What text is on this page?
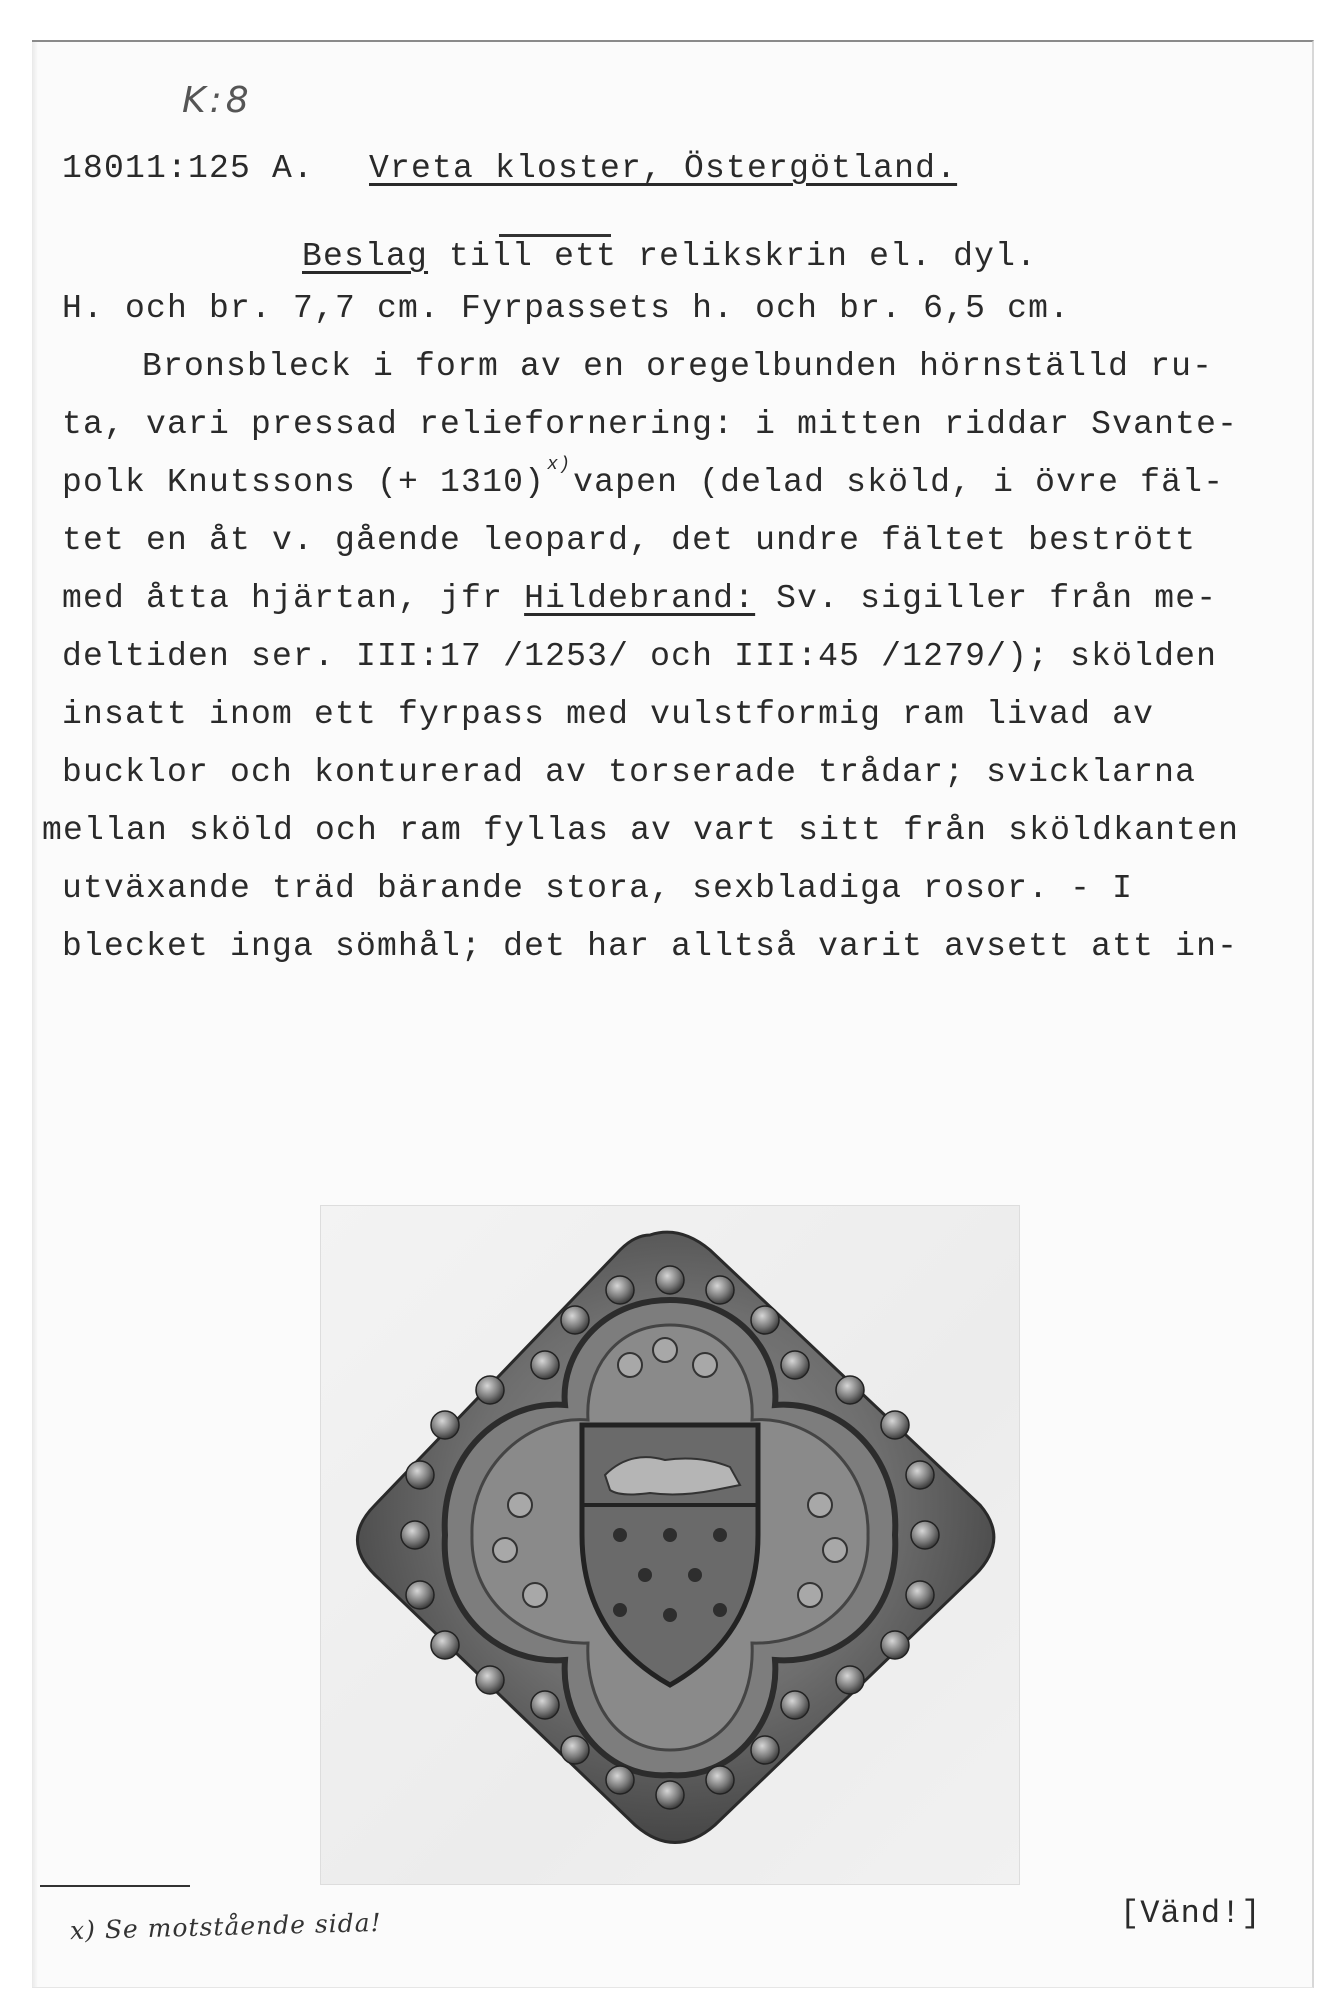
K:8
18011:125 A. Vreta kloster, Östergötland.
Beslag till ett relikskrin el. dyl.
H. och br. 7,7 cm. Fyrpassets h. och br. 6,5 cm.
Bronsbleck i form av en oregelbunden hörnställd ru-
ta, vari pressad reliefornering: i mitten riddar Svante-
polk Knutssons (+ 1310) $^{x)}$vapen (delad sköld, i övre fäl-
tet en åt v. gående leopard, det undre fältet bestrött
med åtta hjärtan, jfr Hildebrand: Sv. sigiller från me-
deltiden ser. III:17 /1253/ och III:45 /1279/); skölden
insatt inom ett fyrpass med vulstformig ram livad av
bucklor och konturerad av torserade trådar; svicklarna
mellan sköld och ram fyllas av vart sitt från sköldkanten
utväxande träd bärande stora, sexbladiga rosor. - I
blecket inga sömhål; det har alltså varit avsett att in-
x) Se motstående sida!	[Vänd!]
